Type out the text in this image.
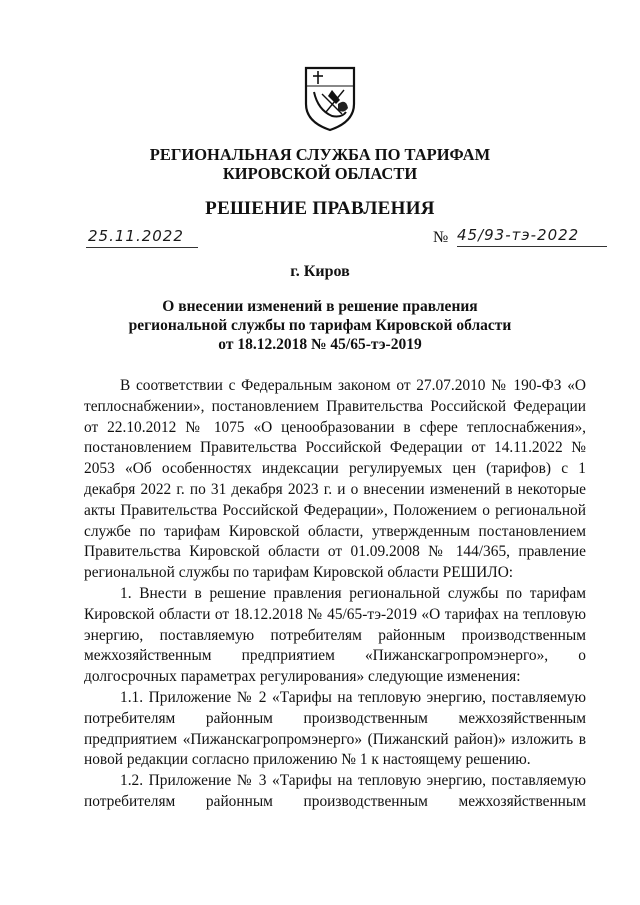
РЕГИОНАЛЬНАЯ СЛУЖБА ПО ТАРИФАМ
КИРОВСКОЙ ОБЛАСТИ
РЕШЕНИЕ ПРАВЛЕНИЯ
25.11.2022	№ 45/93-тэ-2022
г. Киров
О внесении изменений в решение правления
региональной службы по тарифам Кировской области
от 18.12.2018 № 45/65-тэ-2019

В соответствии с Федеральным законом от 27.07.2010 № 190-ФЗ «О теплоснабжении», постановлением Правительства Российской Федерации от 22.10.2012 № 1075 «О ценообразовании в сфере теплоснабжения», постановлением Правительства Российской Федерации от 14.11.2022 № 2053 «Об особенностях индексации регулируемых цен (тарифов) с 1 декабря 2022 г. по 31 декабря 2023 г. и о внесении изменений в некоторые акты Правительства Российской Федерации», Положением о региональной службе по тарифам Кировской области, утвержденным постановлением Правительства Кировской области от 01.09.2008 № 144/365, правление региональной службы по тарифам Кировской области РЕШИЛО:

1. Внести в решение правления региональной службы по тарифам Кировской области от 18.12.2018 № 45/65-тэ-2019 «О тарифах на тепловую энергию, поставляемую потребителям районным производственным межхозяйственным предприятием «Пижанскагропромэнерго», о долгосрочных параметрах регулирования» следующие изменения:

1.1. Приложение № 2 «Тарифы на тепловую энергию, поставляемую потребителям районным производственным межхозяйственным предприятием «Пижанскагропромэнерго» (Пижанский район)» изложить в новой редакции согласно приложению № 1 к настоящему решению.

1.2. Приложение № 3 «Тарифы на тепловую энергию, поставляемую потребителям районным производственным межхозяйственным
